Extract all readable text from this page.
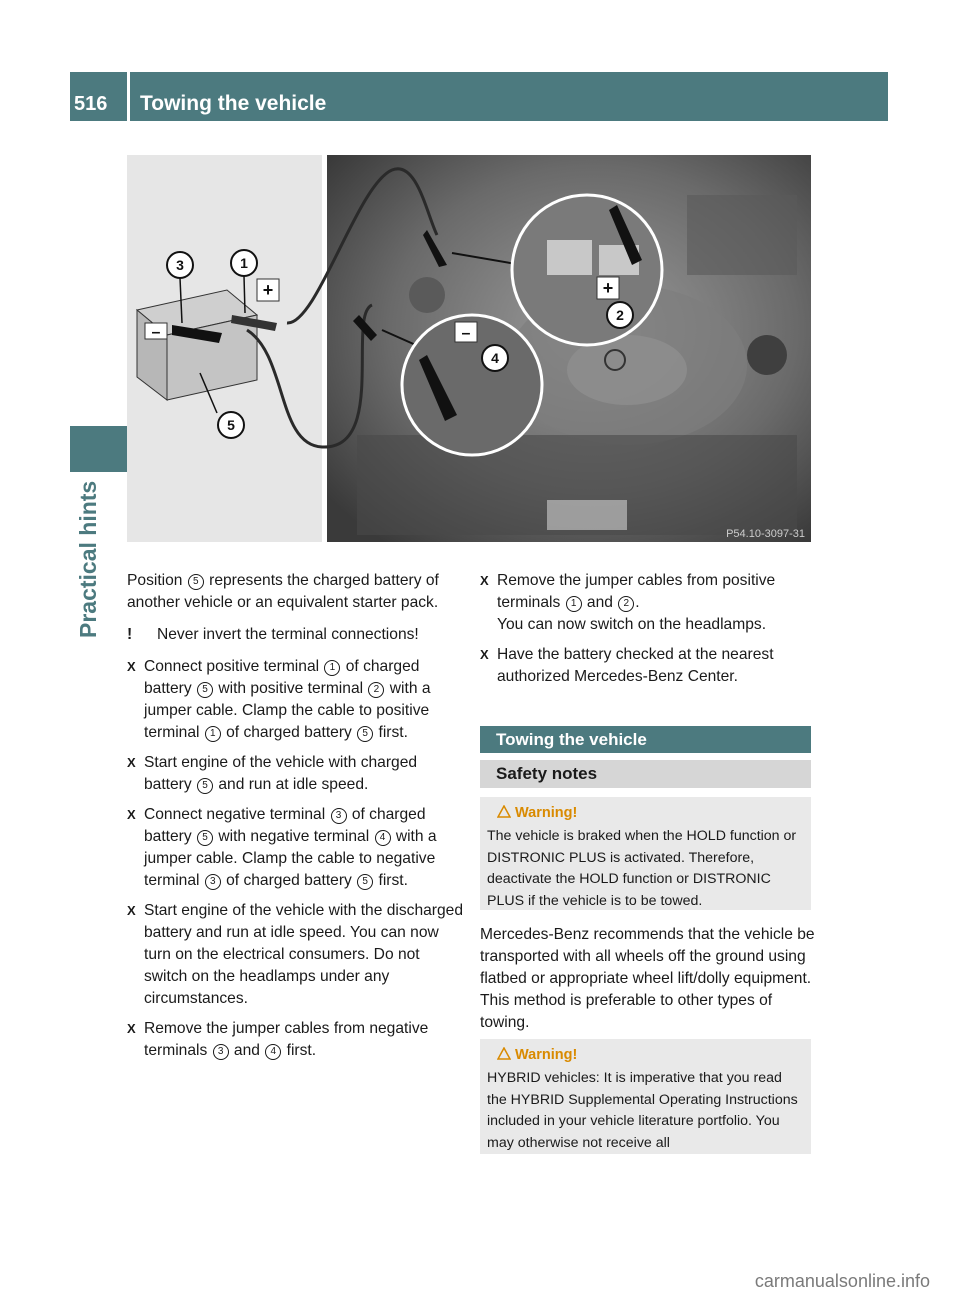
516	Towing the vehicle
Practical hints
–
+	+
–
3	1
2
4
5
P54.10-3097-31

Position 5 represents the charged battery of another vehicle or an equivalent starter pack.

! Never invert the terminal connections!

X Connect positive terminal 1 of charged battery 5 with positive terminal 2 with a jumper cable. Clamp the cable to positive terminal 1 of charged battery 5 first.
X Start engine of the vehicle with charged battery 5 and run at idle speed.
X Connect negative terminal 3 of charged battery 5 with negative terminal 4 with a jumper cable. Clamp the cable to negative terminal 3 of charged battery 5 first.
X Start engine of the vehicle with the discharged battery and run at idle speed. You can now turn on the electrical consumers. Do not switch on the headlamps under any circumstances.
X Remove the jumper cables from negative terminals 3 and 4 first.
X Remove the jumper cables from positive terminals 1 and 2 .
You can now switch on the headlamps.
X Have the battery checked at the nearest authorized Mercedes-Benz Center.
Towing the vehicle
Safety notes
Warning!
The vehicle is braked when the HOLD function or DISTRONIC PLUS is activated. Therefore, deactivate the HOLD function or DISTRONIC PLUS if the vehicle is to be towed.
Mercedes-Benz recommends that the vehicle be transported with all wheels off the ground using flatbed or appropriate wheel lift/dolly equipment. This method is preferable to other types of towing.
Warning!
HYBRID vehicles: It is imperative that you read the HYBRID Supplemental Operating Instructions included in your vehicle literature portfolio. You may otherwise not receive all
carmanualsonline.info
